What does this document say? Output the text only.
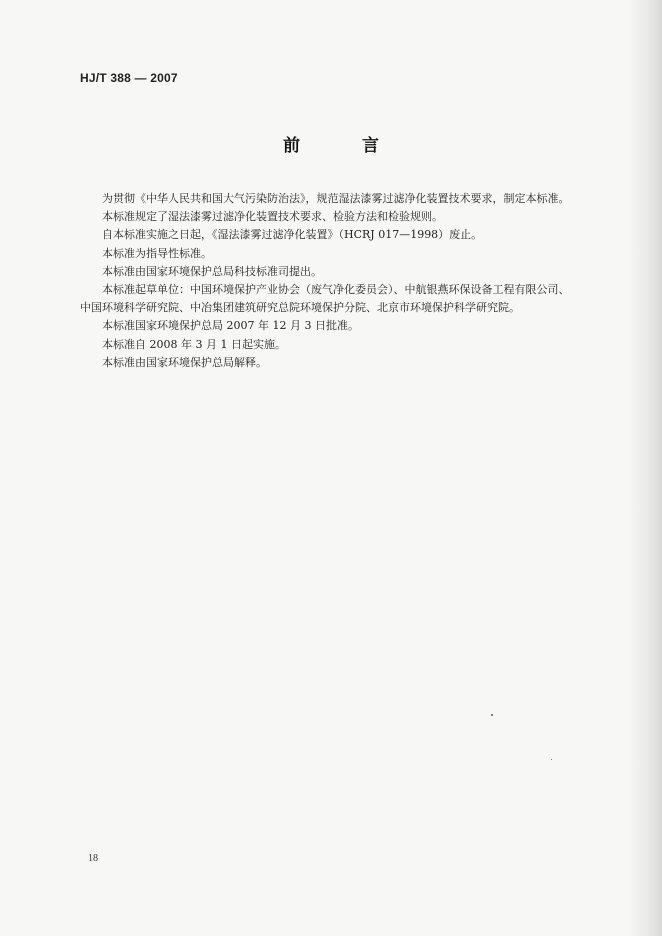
HJ/T 388 — 2007
前 言

为贯彻《中华人民共和国大气污染防治法》，规范湿法漆雾过滤净化装置技术要求，制定本标准。

本标准规定了湿法漆雾过滤净化装置技术要求、检验方法和检验规则。

自本标准实施之日起，《湿法漆雾过滤净化装置》（HCRJ 017—1998）废止。

本标准为指导性标准。

本标准由国家环境保护总局科技标准司提出。

本标准起草单位：中国环境保护产业协会（废气净化委员会）、中航银燕环保设备工程有限公司、

中国环境科学研究院、中冶集团建筑研究总院环境保护分院、北京市环境保护科学研究院。

本标准国家环境保护总局 2007 年 12 月 3 日批准。

本标准自 2008 年 3 月 1 日起实施。

本标准由国家环境保护总局解释。

18
